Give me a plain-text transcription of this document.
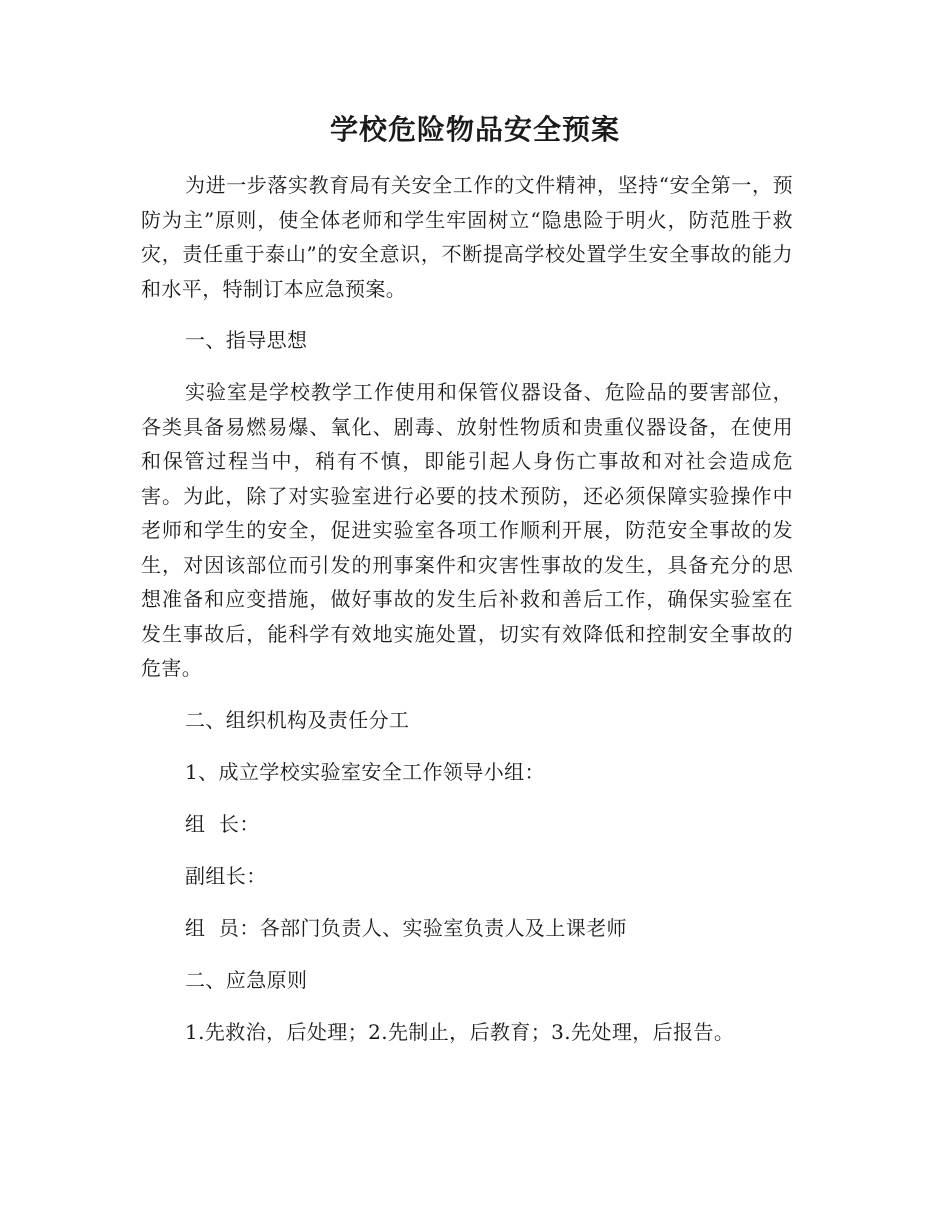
学校危险物品安全预案

为进一步落实教育局有关安全工作的文件精神，坚持“安全第一，预防为主”原则，使全体老师和学生牢固树立“隐患险于明火，防范胜于救灾，责任重于泰山”的安全意识，不断提高学校处置学生安全事故的能力和水平，特制订本应急预案。

一、指导思想

实验室是学校教学工作使用和保管仪器设备、危险品的要害部位，各类具备易燃易爆、氧化、剧毒、放射性物质和贵重仪器设备，在使用和保管过程当中，稍有不慎，即能引起人身伤亡事故和对社会造成危害。为此，除了对实验室进行必要的技术预防，还必须保障实验操作中老师和学生的安全，促进实验室各项工作顺利开展，防范安全事故的发生，对因该部位而引发的刑事案件和灾害性事故的发生，具备充分的思想准备和应变措施，做好事故的发生后补救和善后工作，确保实验室在发生事故后，能科学有效地实施处置，切实有效降低和控制安全事故的危害。

二、组织机构及责任分工

1、成立学校实验室安全工作领导小组：

组  长：

副组长：

组  员：各部门负责人、实验室负责人及上课老师

二、应急原则

1.先救治，后处理；2.先制止，后教育；3.先处理，后报告。
